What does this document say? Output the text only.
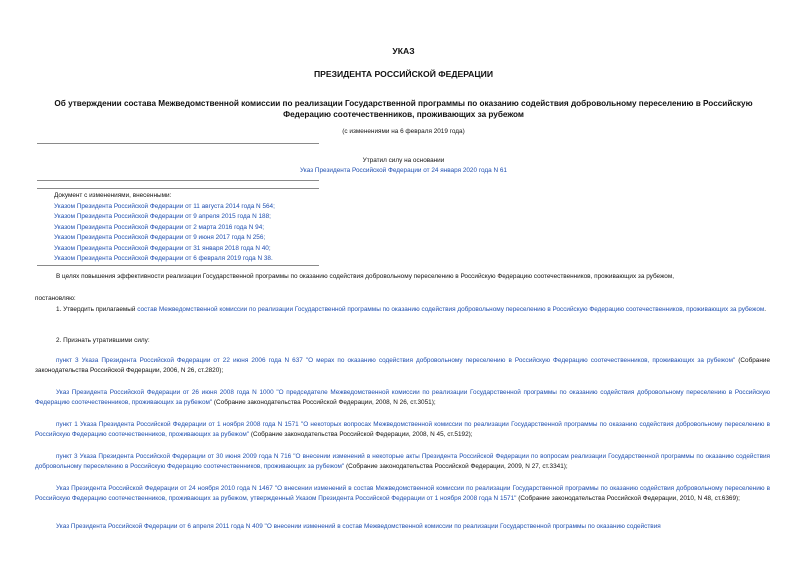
УКАЗ
ПРЕЗИДЕНТА РОССИЙСКОЙ ФЕДЕРАЦИИ
Об утверждении состава Межведомственной комиссии по реализации Государственной программы по оказанию содействия добровольному переселению в Российскую Федерацию соотечественников, проживающих за рубежом
(с изменениями на 6 февраля 2019 года)
Утратил силу на основании
Указ Президента Российской Федерации от 24 января 2020 года N 61
Документ с изменениями, внесенными:
Указом Президента Российской Федерации от 11 августа 2014 года N 564;
Указом Президента Российской Федерации от 9 апреля 2015 года N 188;
Указом Президента Российской Федерации от 2 марта 2016 года N 94;
Указом Президента Российской Федерации от 9 июня 2017 года N 256;
Указом Президента Российской Федерации от 31 января 2018 года N 40;
Указом Президента Российской Федерации от 6 февраля 2019 года N 38.
В целях повышения эффективности реализации Государственной программы по оказанию содействия добровольному переселению в Российскую Федерацию соотечественников, проживающих за рубежом,
постановляю:
1. Утвердить прилагаемый состав Межведомственной комиссии по реализации Государственной программы по оказанию содействия добровольному переселению в Российскую Федерацию соотечественников, проживающих за рубежом.
2. Признать утратившими силу:
пункт 3 Указа Президента Российской Федерации от 22 июня 2006 года N 637 "О мерах по оказанию содействия добровольному переселению в Российскую Федерацию соотечественников, проживающих за рубежом" (Собрание законодательства Российской Федерации, 2006, N 26, ст.2820);
Указ Президента Российской Федерации от 26 июня 2008 года N 1000 "О председателе Межведомственной комиссии по реализации Государственной программы по оказанию содействия добровольному переселению в Российскую Федерацию соотечественников, проживающих за рубежом" (Собрание законодательства Российской Федерации, 2008, N 26, ст.3051);
пункт 1 Указа Президента Российской Федерации от 1 ноября 2008 года N 1571 "О некоторых вопросах Межведомственной комиссии по реализации Государственной программы по оказанию содействия добровольному переселению в Российскую Федерацию соотечественников, проживающих за рубежом" (Собрание законодательства Российской Федерации, 2008, N 45, ст.5192);
пункт 3 Указа Президента Российской Федерации от 30 июня 2009 года N 716 "О внесении изменений в некоторые акты Президента Российской Федерации по вопросам реализации Государственной программы по оказанию содействия добровольному переселению в Российскую Федерацию соотечественников, проживающих за рубежом" (Собрание законодательства Российской Федерации, 2009, N 27, ст.3341);
Указ Президента Российской Федерации от 24 ноября 2010 года N 1467 "О внесении изменений в состав Межведомственной комиссии по реализации Государственной программы по оказанию содействия добровольному переселению в Российскую Федерацию соотечественников, проживающих за рубежом, утвержденный Указом Президента Российской Федерации от 1 ноября 2008 года N 1571" (Собрание законодательства Российской Федерации, 2010, N 48, ст.6369);
Указ Президента Российской Федерации от 6 апреля 2011 года N 409 "О внесении изменений в состав Межведомственной комиссии по реализации Государственной программы по оказанию содействия
